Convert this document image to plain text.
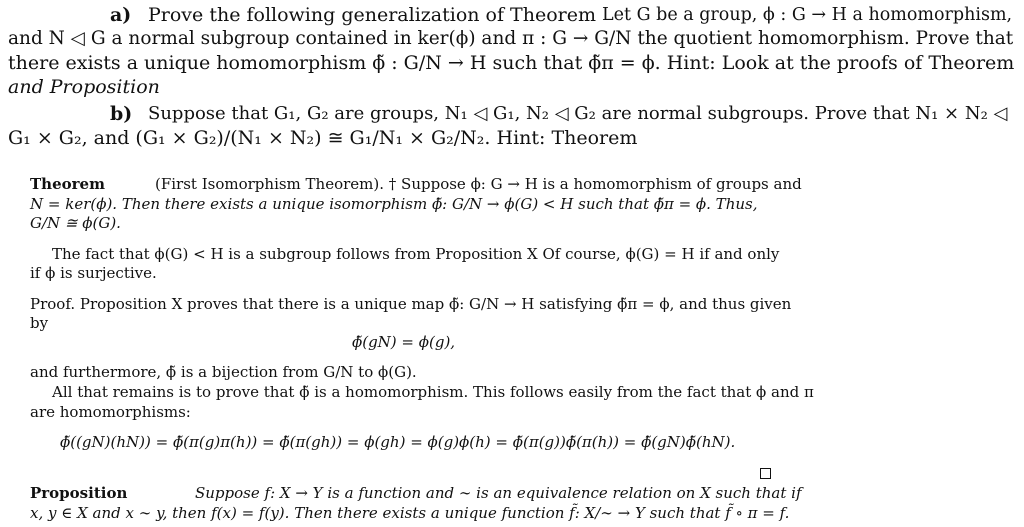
a) Prove the following generalization of Theorem Let G be a group, ϕ : G → H a homomorphism,
and N ◁ G a normal subgroup contained in ker(ϕ) and π : G → G/N the quotient homomorphism. Prove that
there exists a unique homomorphism ϕ̃ : G/N → H such that ϕ̃π = ϕ. Hint: Look at the proofs of Theorem
and Proposition
b) Suppose that G₁, G₂ are groups, N₁ ◁ G₁, N₂ ◁ G₂ are normal subgroups. Prove that N₁ × N₂ ◁
G₁ × G₂, and (G₁ × G₂)/(N₁ × N₂) ≅ G₁/N₁ × G₂/N₂. Hint: Theorem
Theorem	(First Isomorphism Theorem). † Suppose ϕ: G → H is a homomorphism of groups and
N = ker(ϕ). Then there exists a unique isomorphism ϕ̃: G/N → ϕ(G) < H such that ϕ̃π = ϕ. Thus,
G/N ≅ ϕ(G).
The fact that ϕ(G) < H is a subgroup follows from Proposition X Of course, ϕ(G) = H if and only
if ϕ is surjective.
Proof. Proposition X proves that there is a unique map ϕ̃: G/N → H satisfying ϕ̃π = ϕ, and thus given
by
ϕ̃(gN) = ϕ(g),
and furthermore, ϕ̃ is a bijection from G/N to ϕ(G).
All that remains is to prove that ϕ̃ is a homomorphism. This follows easily from the fact that ϕ and π
are homomorphisms:
ϕ̃((gN)(hN)) = ϕ̃(π(g)π(h)) = ϕ̃(π(gh)) = ϕ(gh) = ϕ(g)ϕ(h) = ϕ̃(π(g))ϕ̃(π(h)) = ϕ̃(gN)ϕ̃(hN).
Proposition	Suppose f: X → Y is a function and ∼ is an equivalence relation on X such that if
x, y ∈ X and x ∼ y, then f(x) = f(y). Then there exists a unique function f̃: X/∼ → Y such that f̃ ∘ π = f.
